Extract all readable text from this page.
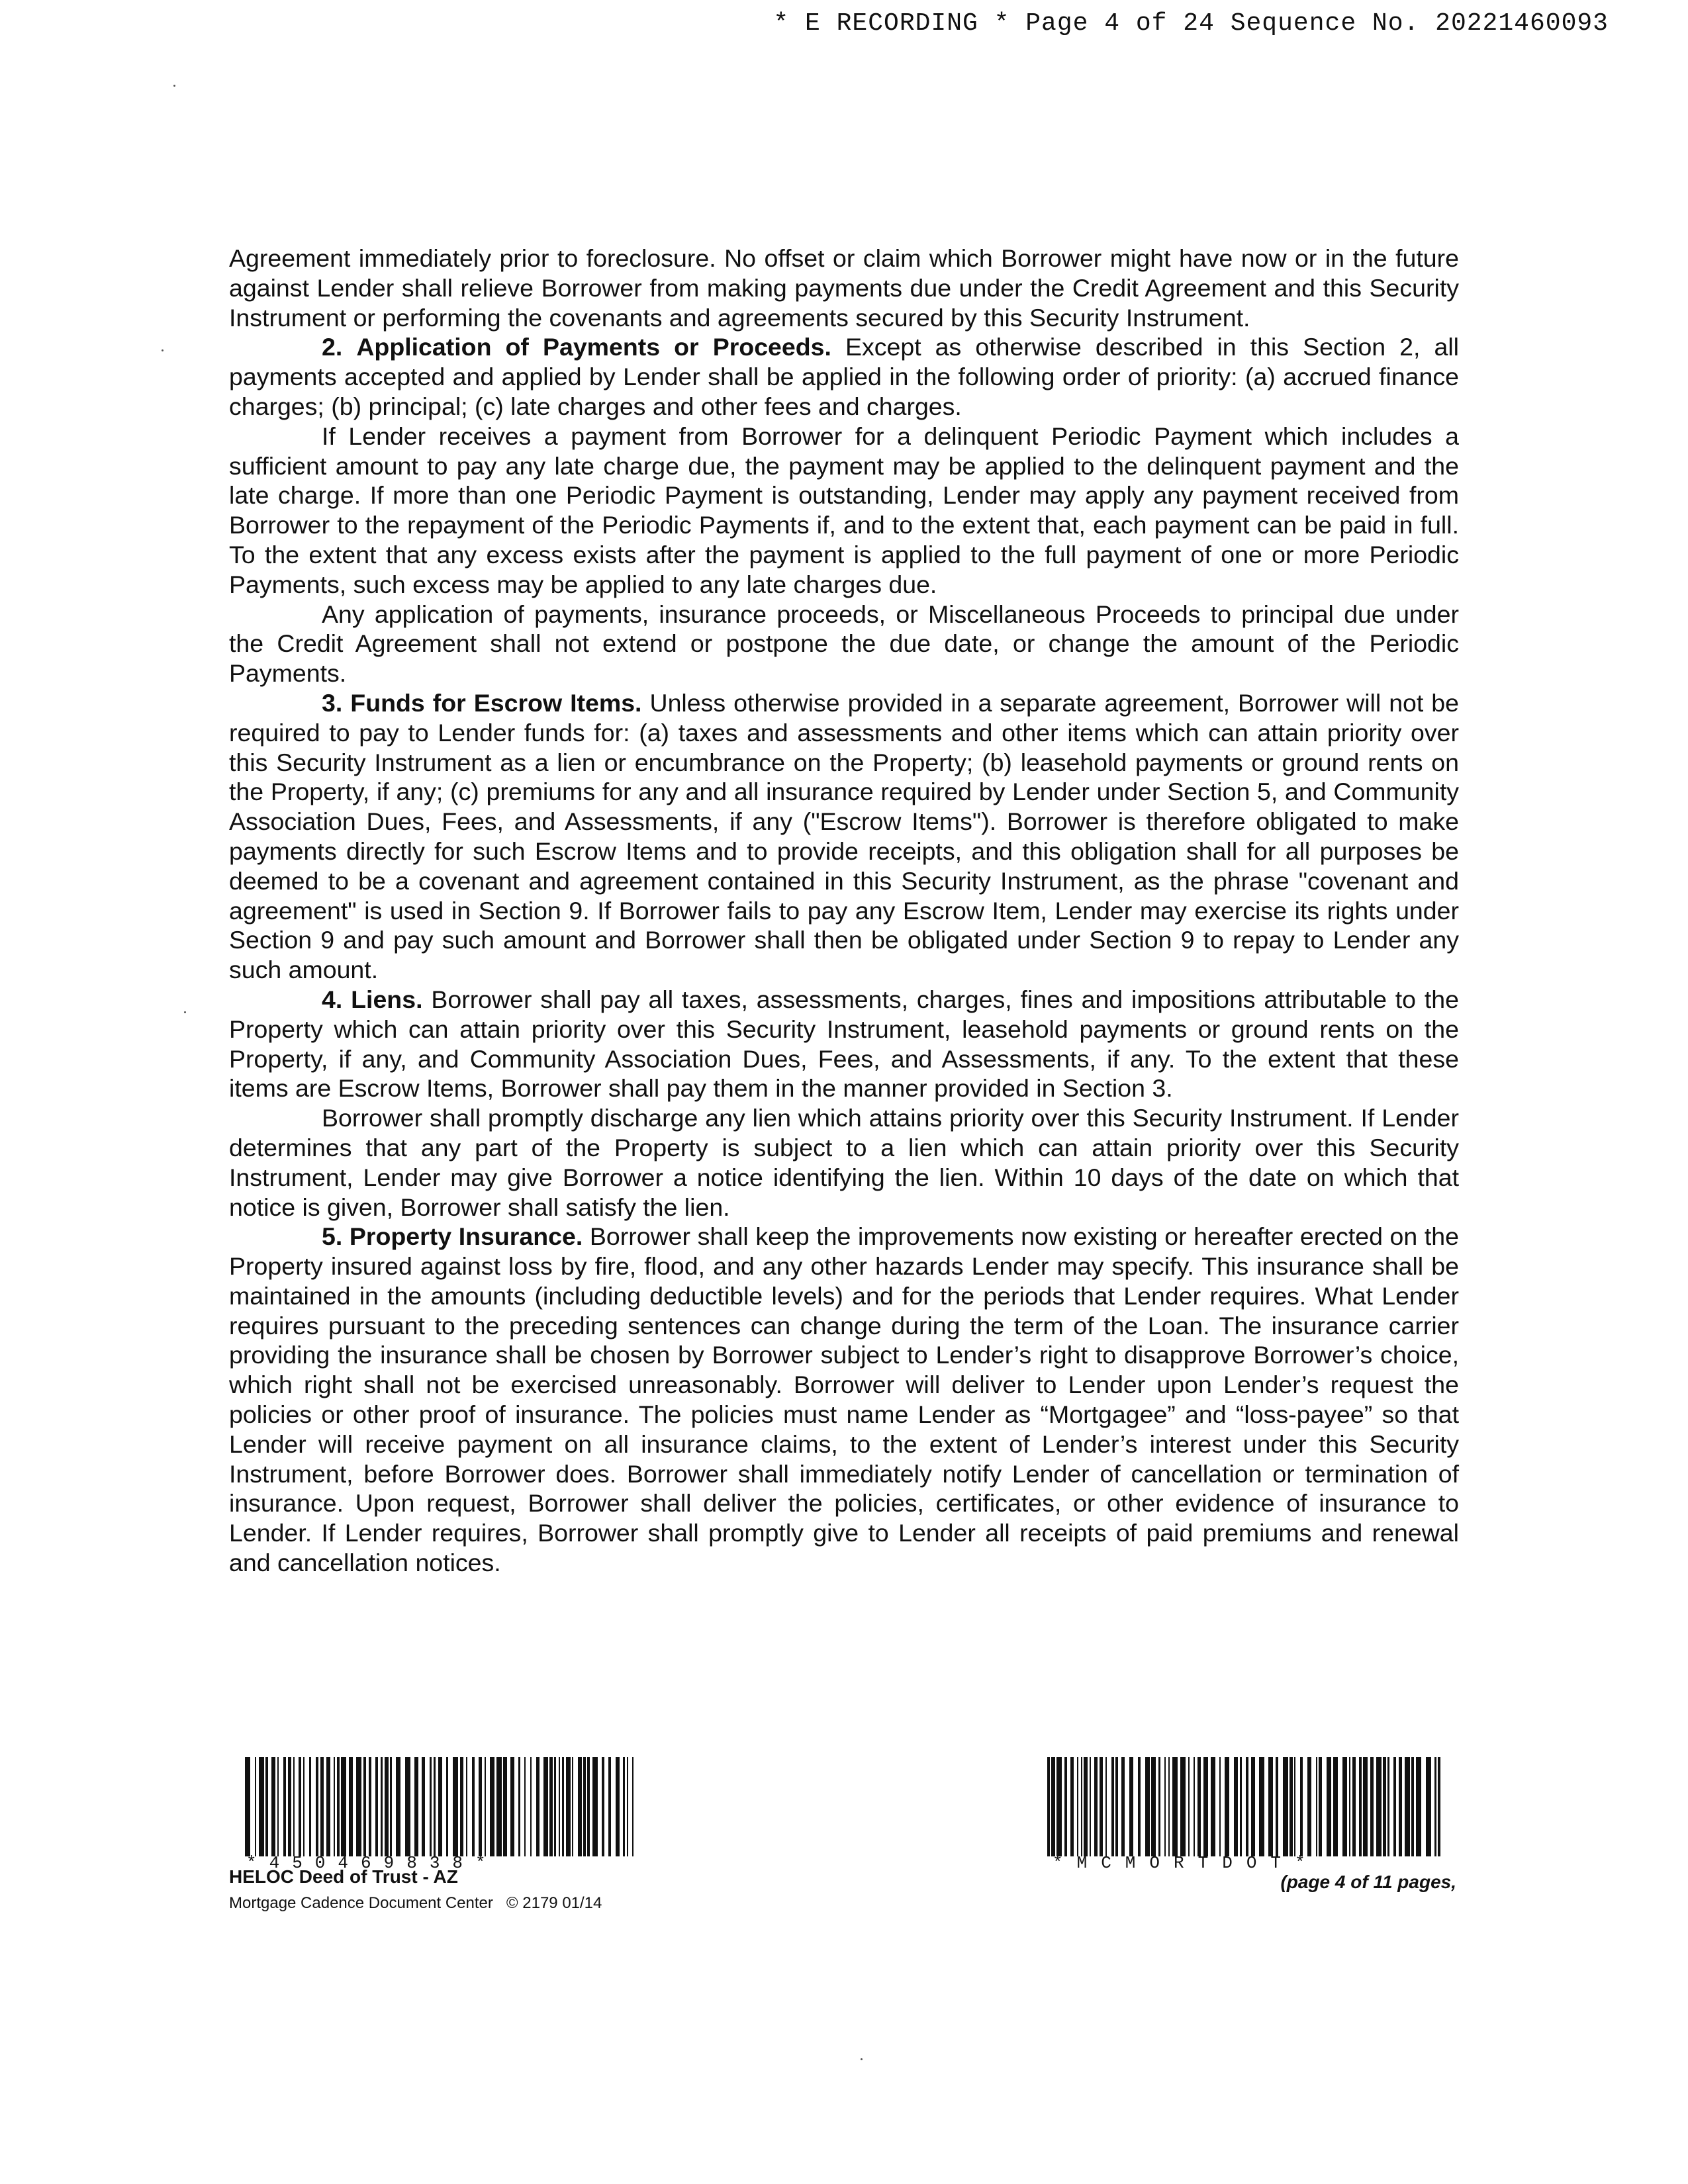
* E RECORDING * Page 4 of 24 Sequence No. 20221460093

Agreement immediately prior to foreclosure. No offset or claim which Borrower might have now or in the future against Lender shall relieve Borrower from making payments due under the Credit Agreement and this Security Instrument or performing the covenants and agreements secured by this Security Instrument.

2. Application of Payments or Proceeds. Except as otherwise described in this Section 2, all payments accepted and applied by Lender shall be applied in the following order of priority: (a) accrued finance charges; (b) principal; (c) late charges and other fees and charges.

If Lender receives a payment from Borrower for a delinquent Periodic Payment which includes a sufficient amount to pay any late charge due, the payment may be applied to the delinquent payment and the late charge. If more than one Periodic Payment is outstanding, Lender may apply any payment received from Borrower to the repayment of the Periodic Payments if, and to the extent that, each payment can be paid in full. To the extent that any excess exists after the payment is applied to the full payment of one or more Periodic Payments, such excess may be applied to any late charges due.

Any application of payments, insurance proceeds, or Miscellaneous Proceeds to principal due under the Credit Agreement shall not extend or postpone the due date, or change the amount of the Periodic Payments.

3. Funds for Escrow Items. Unless otherwise provided in a separate agreement, Borrower will not be required to pay to Lender funds for: (a) taxes and assessments and other items which can attain priority over this Security Instrument as a lien or encumbrance on the Property; (b) leasehold payments or ground rents on the Property, if any; (c) premiums for any and all insurance required by Lender under Section 5, and Community Association Dues, Fees, and Assessments, if any ("Escrow Items"). Borrower is therefore obligated to make payments directly for such Escrow Items and to provide receipts, and this obligation shall for all purposes be deemed to be a covenant and agreement contained in this Security Instrument, as the phrase "covenant and agreement" is used in Section 9. If Borrower fails to pay any Escrow Item, Lender may exercise its rights under Section 9 and pay such amount and Borrower shall then be obligated under Section 9 to repay to Lender any such amount.

4. Liens. Borrower shall pay all taxes, assessments, charges, fines and impositions attributable to the Property which can attain priority over this Security Instrument, leasehold payments or ground rents on the Property, if any, and Community Association Dues, Fees, and Assessments, if any. To the extent that these items are Escrow Items, Borrower shall pay them in the manner provided in Section 3.

Borrower shall promptly discharge any lien which attains priority over this Security Instrument. If Lender determines that any part of the Property is subject to a lien which can attain priority over this Security Instrument, Lender may give Borrower a notice identifying the lien. Within 10 days of the date on which that notice is given, Borrower shall satisfy the lien.

5. Property Insurance. Borrower shall keep the improvements now existing or hereafter erected on the Property insured against loss by fire, flood, and any other hazards Lender may specify. This insurance shall be maintained in the amounts (including deductible levels) and for the periods that Lender requires. What Lender requires pursuant to the preceding sentences can change during the term of the Loan. The insurance carrier providing the insurance shall be chosen by Borrower subject to Lender’s right to disapprove Borrower’s choice, which right shall not be exercised unreasonably. Borrower will deliver to Lender upon Lender’s request the policies or other proof of insurance. The policies must name Lender as “Mortgagee” and “loss-payee” so that Lender will receive payment on all insurance claims, to the extent of Lender’s interest under this Security Instrument, before Borrower does. Borrower shall immediately notify Lender of cancellation or termination of insurance. Upon request, Borrower shall deliver the policies, certificates, or other evidence of insurance to Lender. If Lender requires, Borrower shall promptly give to Lender all receipts of paid premiums and renewal and cancellation notices.

*450469838*	*MCMORTDOT*
HELOC Deed of Trust - AZ
Mortgage Cadence Document Center © 2179 01/14
(page 4 of 11 pages,
